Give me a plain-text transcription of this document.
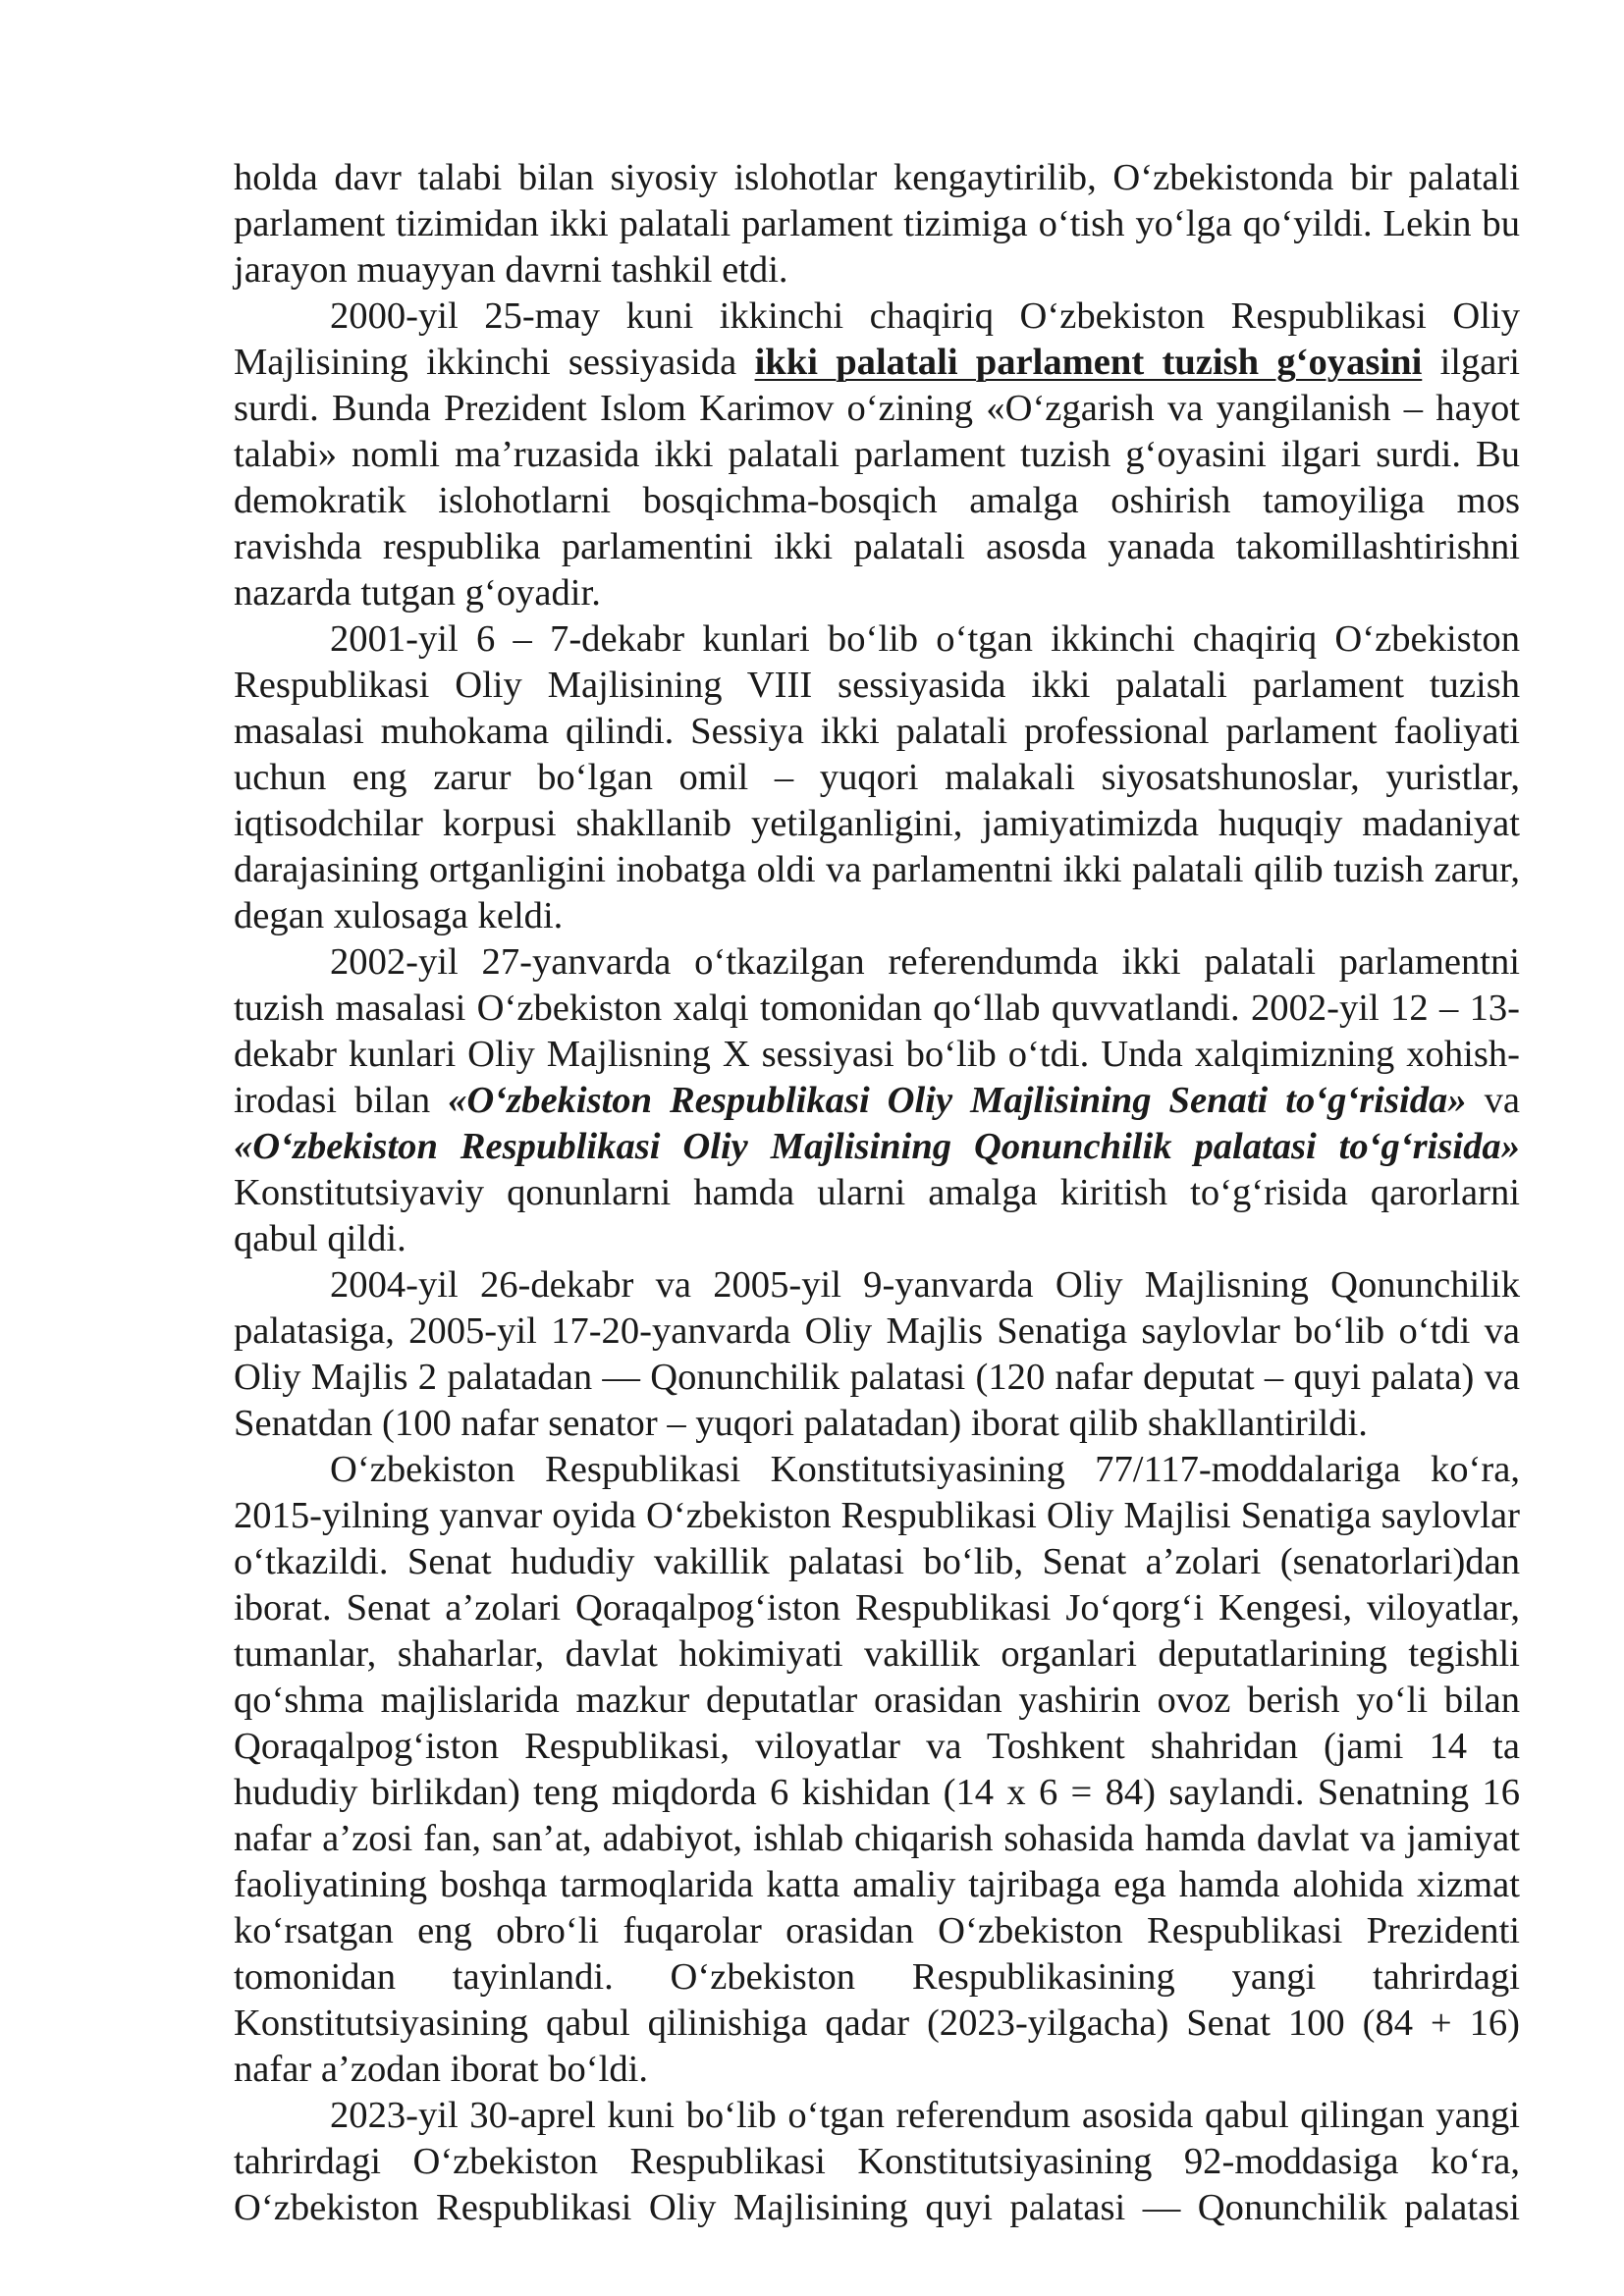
holda davr talabi bilan siyosiy islohotlar kengaytirilib, O‘zbekistonda bir palatali
parlament tizimidan ikki palatali parlament tizimiga o‘tish yo‘lga qo‘yildi. Lekin bu
jarayon muayyan davrni tashkil etdi.
2000-yil 25-may kuni ikkinchi chaqiriq O‘zbekiston Respublikasi Oliy
Majlisining ikkinchi sessiyasida ikki palatali parlament tuzish g‘oyasini ilgari
surdi. Bunda Prezident Islom Karimov o‘zining «O‘zgarish va yangilanish – hayot
talabi» nomli ma’ruzasida ikki palatali parlament tuzish g‘oyasini ilgari surdi. Bu
demokratik islohotlarni bosqichma-bosqich amalga oshirish tamoyiliga mos
ravishda respublika parlamentini ikki palatali asosda yanada takomillashtirishni
nazarda tutgan g‘oyadir.
2001-yil 6 – 7-dekabr kunlari bo‘lib o‘tgan ikkinchi chaqiriq O‘zbekiston
Respublikasi Oliy Majlisining VIII sessiyasida ikki palatali parlament tuzish
masalasi muhokama qilindi. Sessiya ikki palatali professional parlament faoliyati
uchun eng zarur bo‘lgan omil – yuqori malakali siyosatshunoslar, yuristlar,
iqtisodchilar korpusi shakllanib yetilganligini, jamiyatimizda huquqiy madaniyat
darajasining ortganligini inobatga oldi va parlamentni ikki palatali qilib tuzish zarur,
degan xulosaga keldi.
2002-yil 27-yanvarda o‘tkazilgan referendumda ikki palatali parlamentni
tuzish masalasi O‘zbekiston xalqi tomonidan qo‘llab quvvatlandi. 2002-yil 12 – 13-
dekabr kunlari Oliy Majlisning X sessiyasi bo‘lib o‘tdi. Unda xalqimizning xohish-
irodasi bilan «O‘zbekiston Respublikasi Oliy Majlisining Senati to‘g‘risida» va
«O‘zbekiston Respublikasi Oliy Majlisining Qonunchilik palatasi to‘g‘risida»
Konstitutsiyaviy qonunlarni hamda ularni amalga kiritish to‘g‘risida qarorlarni
qabul qildi.
2004-yil 26-dekabr va 2005-yil 9-yanvarda Oliy Majlisning Qonunchilik
palatasiga, 2005-yil 17-20-yanvarda Oliy Majlis Senatiga saylovlar bo‘lib o‘tdi va
Oliy Majlis 2 palatadan — Qonunchilik palatasi (120 nafar deputat – quyi palata) va
Senatdan (100 nafar senator – yuqori palatadan) iborat qilib shakllantirildi.
O‘zbekiston Respublikasi Konstitutsiyasining 77/117-moddalariga ko‘ra,
2015-yilning yanvar oyida O‘zbekiston Respublikasi Oliy Majlisi Senatiga saylovlar
o‘tkazildi. Senat hududiy vakillik palatasi bo‘lib, Senat a’zolari (senatorlari)dan
iborat. Senat a’zolari Qoraqalpog‘iston Respublikasi Jo‘qorg‘i Kengesi, viloyatlar,
tumanlar, shaharlar, davlat hokimiyati vakillik organlari deputatlarining tegishli
qo‘shma majlislarida mazkur deputatlar orasidan yashirin ovoz berish yo‘li bilan
Qoraqalpog‘iston Respublikasi, viloyatlar va Toshkent shahridan (jami 14 ta
hududiy birlikdan) teng miqdorda 6 kishidan (14 x 6 = 84) saylandi. Senatning 16
nafar a’zosi fan, san’at, adabiyot, ishlab chiqarish sohasida hamda davlat va jamiyat
faoliyatining boshqa tarmoqlarida katta amaliy tajribaga ega hamda alohida xizmat
ko‘rsatgan eng obro‘li fuqarolar orasidan O‘zbekiston Respublikasi Prezidenti
tomonidan tayinlandi. O‘zbekiston Respublikasining yangi tahrirdagi
Konstitutsiyasining qabul qilinishiga qadar (2023-yilgacha) Senat 100 (84 + 16)
nafar a’zodan iborat bo‘ldi.
2023-yil 30-aprel kuni bo‘lib o‘tgan referendum asosida qabul qilingan yangi
tahrirdagi O‘zbekiston Respublikasi Konstitutsiyasining 92-moddasiga ko‘ra,
O‘zbekiston Respublikasi Oliy Majlisining quyi palatasi — Qonunchilik palatasi
